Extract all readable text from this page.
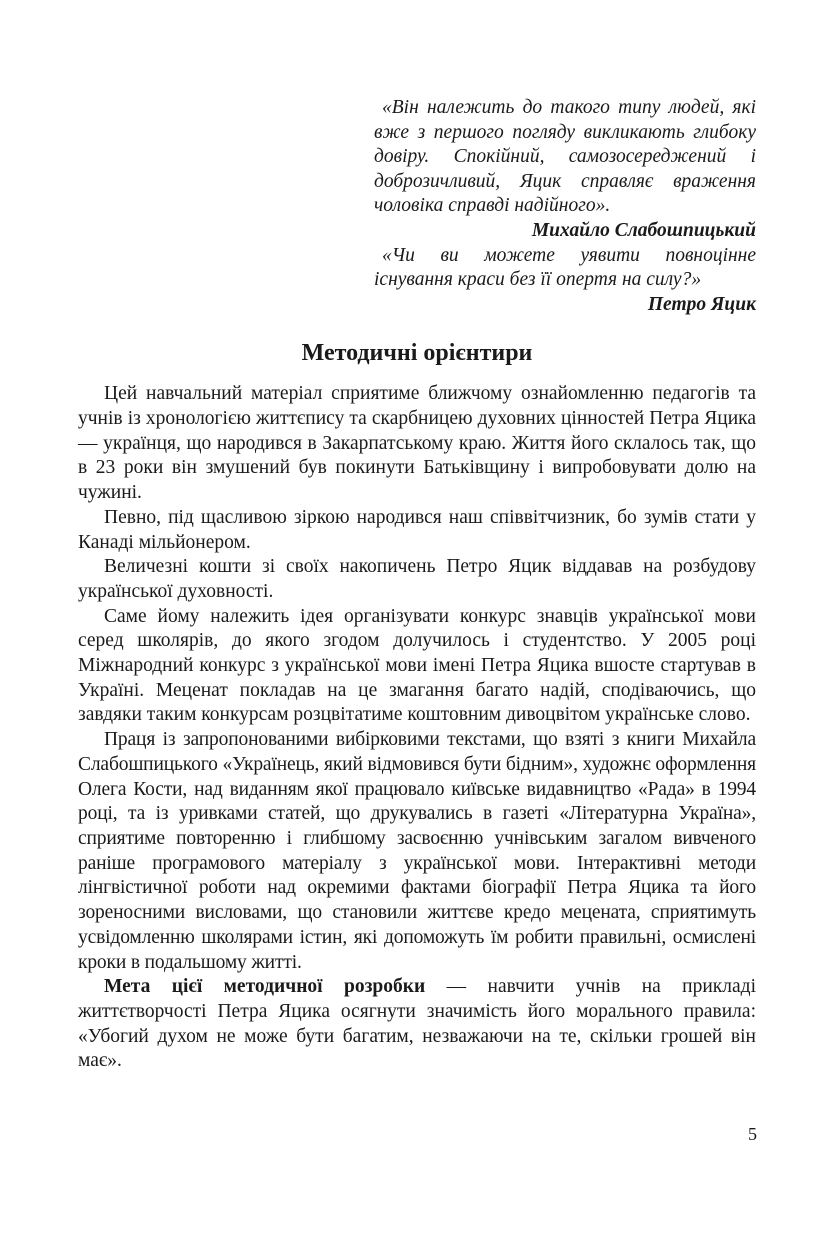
«Він належить до такого типу людей, які вже з першого погляду викликають глибоку довіру. Спокійний, самозосереджений і доброзичливий, Яцик справляє враження чоловіка справді надійного».

Михайло Слабошпицький

«Чи ви можете уявити повноцінне існування краси без її опертя на силу?»

Петро Яцик

Методичні орієнтири

Цей навчальний матеріал сприятиме ближчому ознайомленню педагогів та учнів із хронологією життєпису та скарбницею духовних цінностей Петра Яцика — українця, що народився в Закарпатському краю. Життя його склалось так, що в 23 роки він змушений був покинути Батьківщину і випробовувати долю на чужині.

Певно, під щасливою зіркою народився наш співвітчизник, бо зумів стати у Канаді мільйонером.

Величезні кошти зі своїх накопичень Петро Яцик віддавав на розбудову української духовності.

Саме йому належить ідея організувати конкурс знавців української мови серед школярів, до якого згодом долучилось і студентство. У 2005 році Міжнародний конкурс з української мови імені Петра Яцика вшосте стартував в Україні. Меценат покладав на це змагання багато надій, сподіваючись, що завдяки таким конкурсам розцвітатиме коштовним дивоцвітом українське слово.

Праця із запропонованими вибірковими текстами, що взяті з книги Михайла Слабошпицького «Українець, який відмовився бути бідним», художнє оформлення Олега Кости, над виданням якої працювало київське видавництво «Рада» в 1994 році, та із уривками статей, що друкувались в газеті «Літературна Україна», сприятиме повторенню і глибшому засвоєнню учнівським загалом вивченого раніше програмового матеріалу з української мови. Інтерактивні методи лінгвістичної роботи над окремими фактами біографії Петра Яцика та його зореносними висловами, що становили життєве кредо мецената, сприятимуть усвідомленню школярами істин, які допоможуть їм робити правильні, осмислені кроки в подальшому житті.

Мета цієї методичної розробки — навчити учнів на прикладі життєтворчості Петра Яцика осягнути значимість його морального правила: «Убогий духом не може бути багатим, незважаючи на те, скільки грошей він має».

5
